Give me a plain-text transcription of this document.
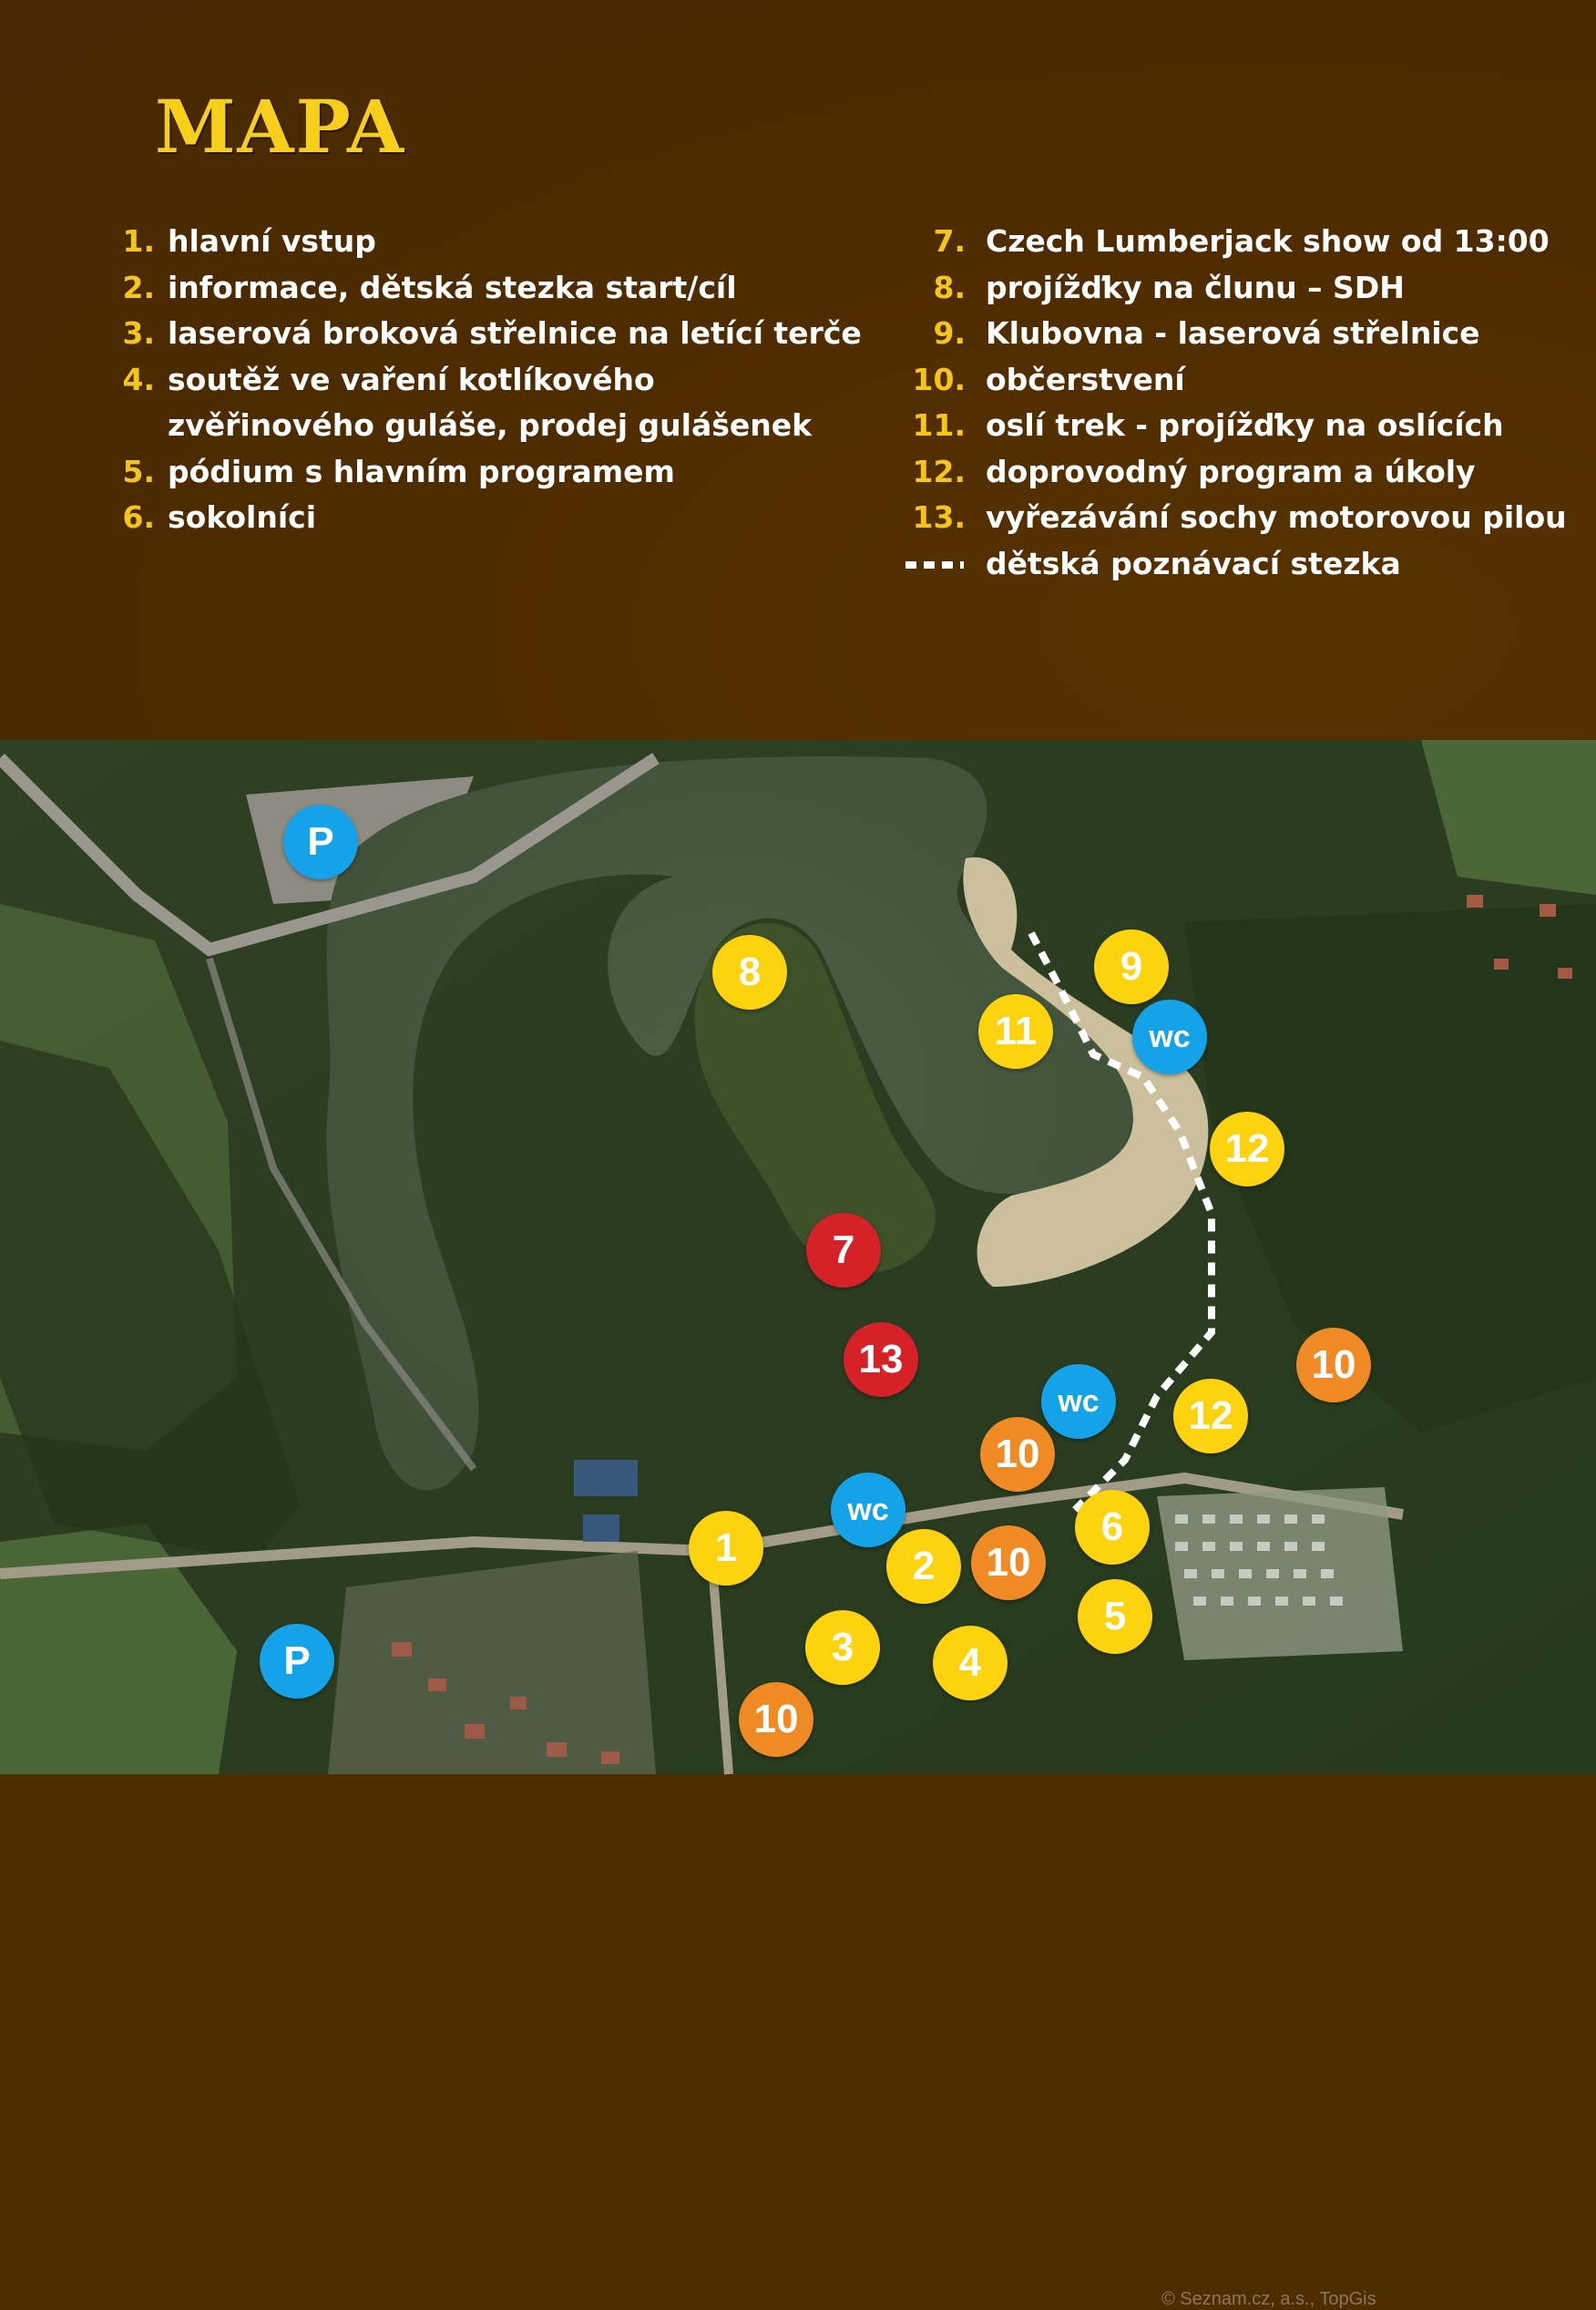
MAPA
1. hlavní vstup
2. informace, dětská stezka start/cíl
3. laserová broková střelnice na letící terče
4. soutěž ve vaření kotlíkového
zvěřinového guláše, prodej gulášenek
5. pódium s hlavním programem
6. sokolníci
7. Czech Lumberjack show od 13:00
8. projížďky na člunu – SDH
9. Klubovna - laserová střelnice
10. občerstvení
11. oslí trek - projížďky na oslících
12. doprovodný program a úkoly
13. vyřezávání sochy motorovou pilou
dětská poznávací stezka
P
P
8	9
wc
11
12
7
13
10
wc	12
10
wc
1	6
2	10
5
3	4
10
© Seznam.cz, a.s., TopGis
